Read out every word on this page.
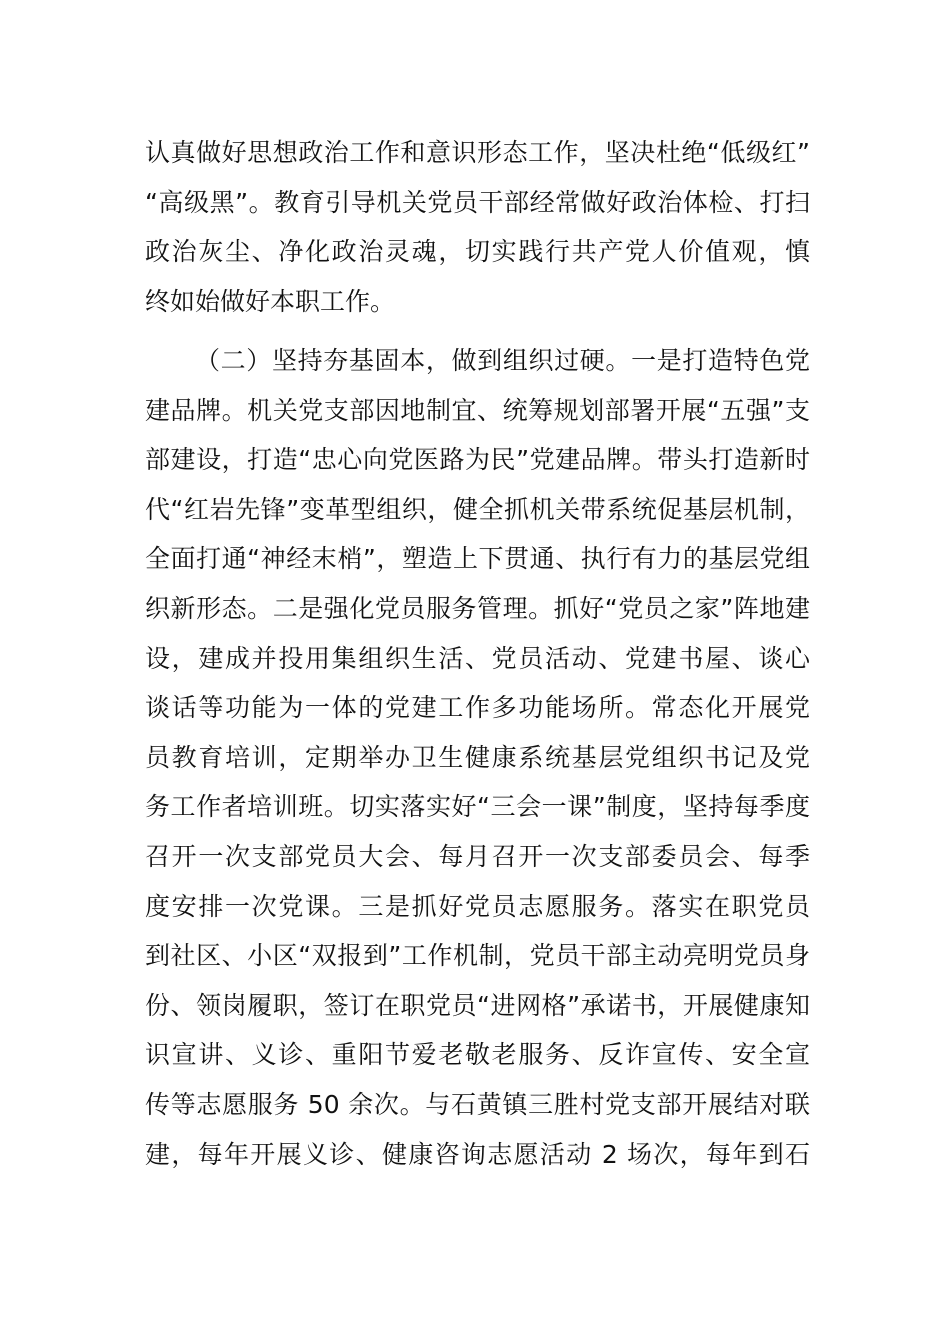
认真做好思想政治工作和意识形态工作，坚决杜绝“低级红”
“高级黑”。教育引导机关党员干部经常做好政治体检、打扫
政治灰尘、净化政治灵魂，切实践行共产党人价值观，慎
终如始做好本职工作。
（二）坚持夯基固本，做到组织过硬。一是打造特色党
建品牌。机关党支部因地制宜、统筹规划部署开展“五强”支
部建设，打造“忠心向党医路为民”党建品牌。带头打造新时
代“红岩先锋”变革型组织，健全抓机关带系统促基层机制，
全面打通“神经末梢”，塑造上下贯通、执行有力的基层党组
织新形态。二是强化党员服务管理。抓好“党员之家”阵地建
设，建成并投用集组织生活、党员活动、党建书屋、谈心
谈话等功能为一体的党建工作多功能场所。常态化开展党
员教育培训，定期举办卫生健康系统基层党组织书记及党
务工作者培训班。切实落实好“三会一课”制度，坚持每季度
召开一次支部党员大会、每月召开一次支部委员会、每季
度安排一次党课。三是抓好党员志愿服务。落实在职党员
到社区、小区“双报到”工作机制，党员干部主动亮明党员身
份、领岗履职，签订在职党员“进网格”承诺书，开展健康知
识宣讲、义诊、重阳节爱老敬老服务、反诈宣传、安全宣
传等志愿服务 50 余次。与石黄镇三胜村党支部开展结对联
建，每年开展义诊、健康咨询志愿活动 2 场次，每年到石
